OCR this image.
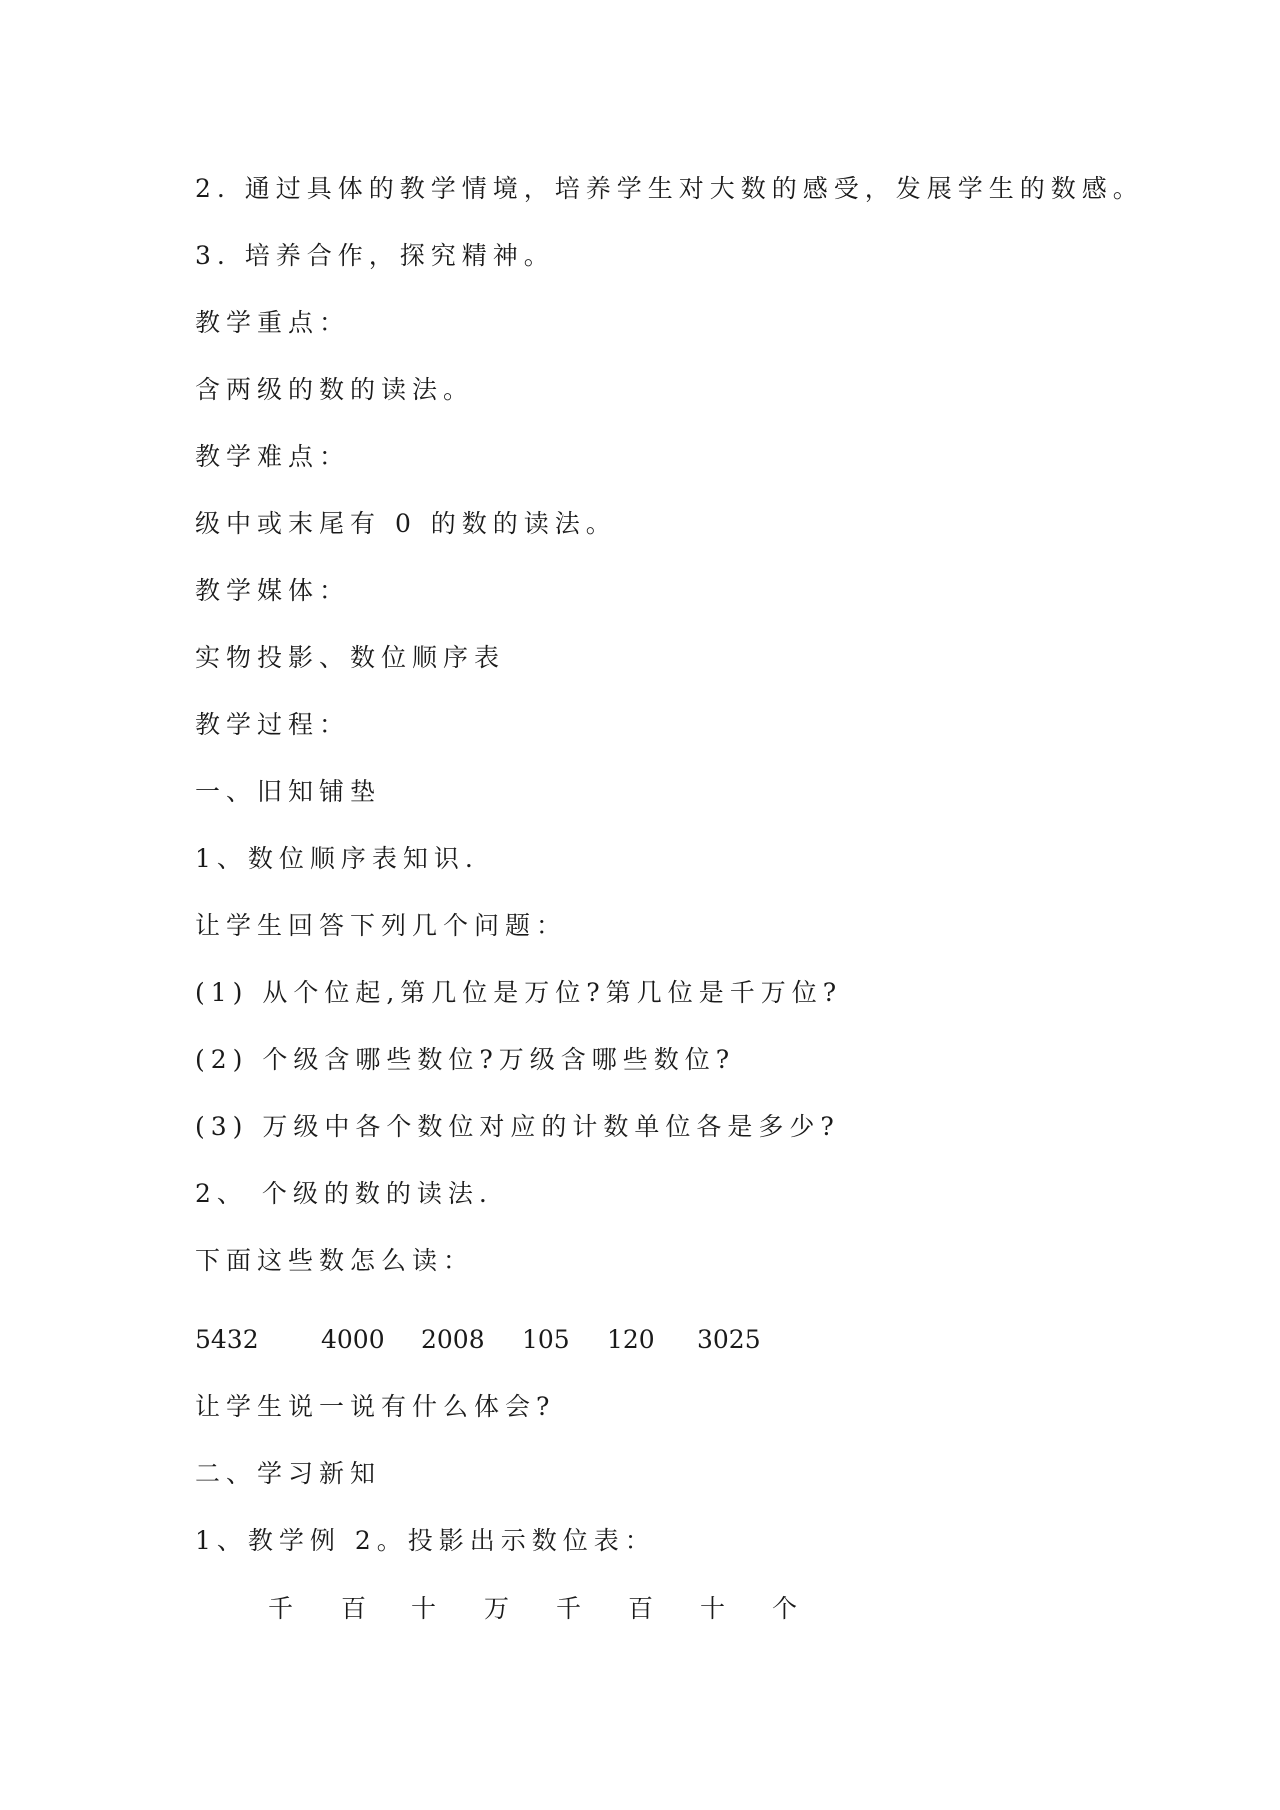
2. 通过具体的教学情境，培养学生对大数的感受，发展学生的数感。
3. 培养合作，探究精神。
教学重点：
含两级的数的读法。
教学难点：
级中或末尾有 0 的数的读法。
教学媒体：
实物投影、数位顺序表
教学过程：
一、旧知铺垫
1、数位顺序表知识.
让学生回答下列几个问题：
(1) 从个位起,第几位是万位?第几位是千万位?
(2) 个级含哪些数位?万级含哪些数位?
(3) 万级中各个数位对应的计数单位各是多少?
2、 个级的数的读法.
下面这些数怎么读：
5432 4000 2008 105 120 3025
让学生说一说有什么体会?
二、学习新知
1、教学例 2。投影出示数位表：
千 百 十 万 千 百 十 个
